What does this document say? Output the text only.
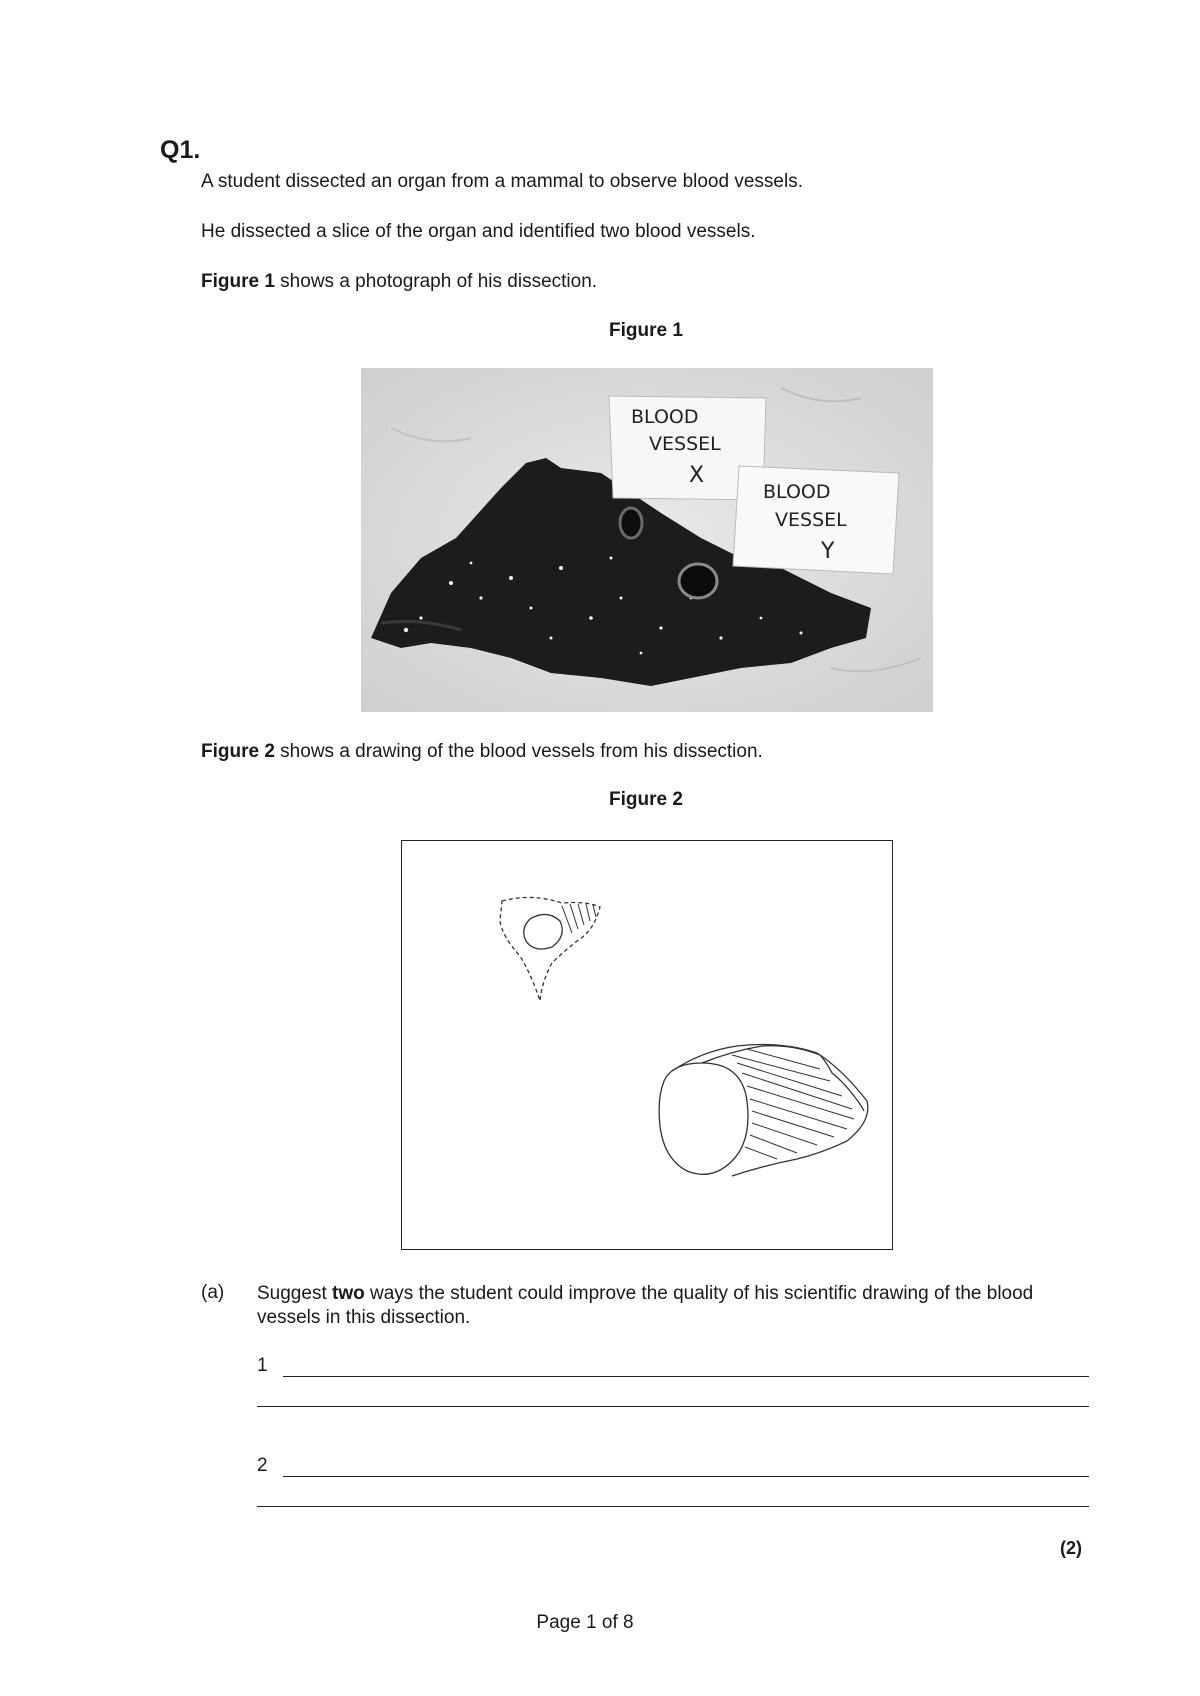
Q1.
A student dissected an organ from a mammal to observe blood vessels.
He dissected a slice of the organ and identified two blood vessels.
Figure 1 shows a photograph of his dissection.
Figure 1
BLOOD
VESSEL
X
BLOOD
VESSEL
Y
Figure 2 shows a drawing of the blood vessels from his dissection.
Figure 2
(a) Suggest two ways the student could improve the quality of his scientific drawing of the blood vessels in this dissection.
1
2
(2)
Page 1 of 8
